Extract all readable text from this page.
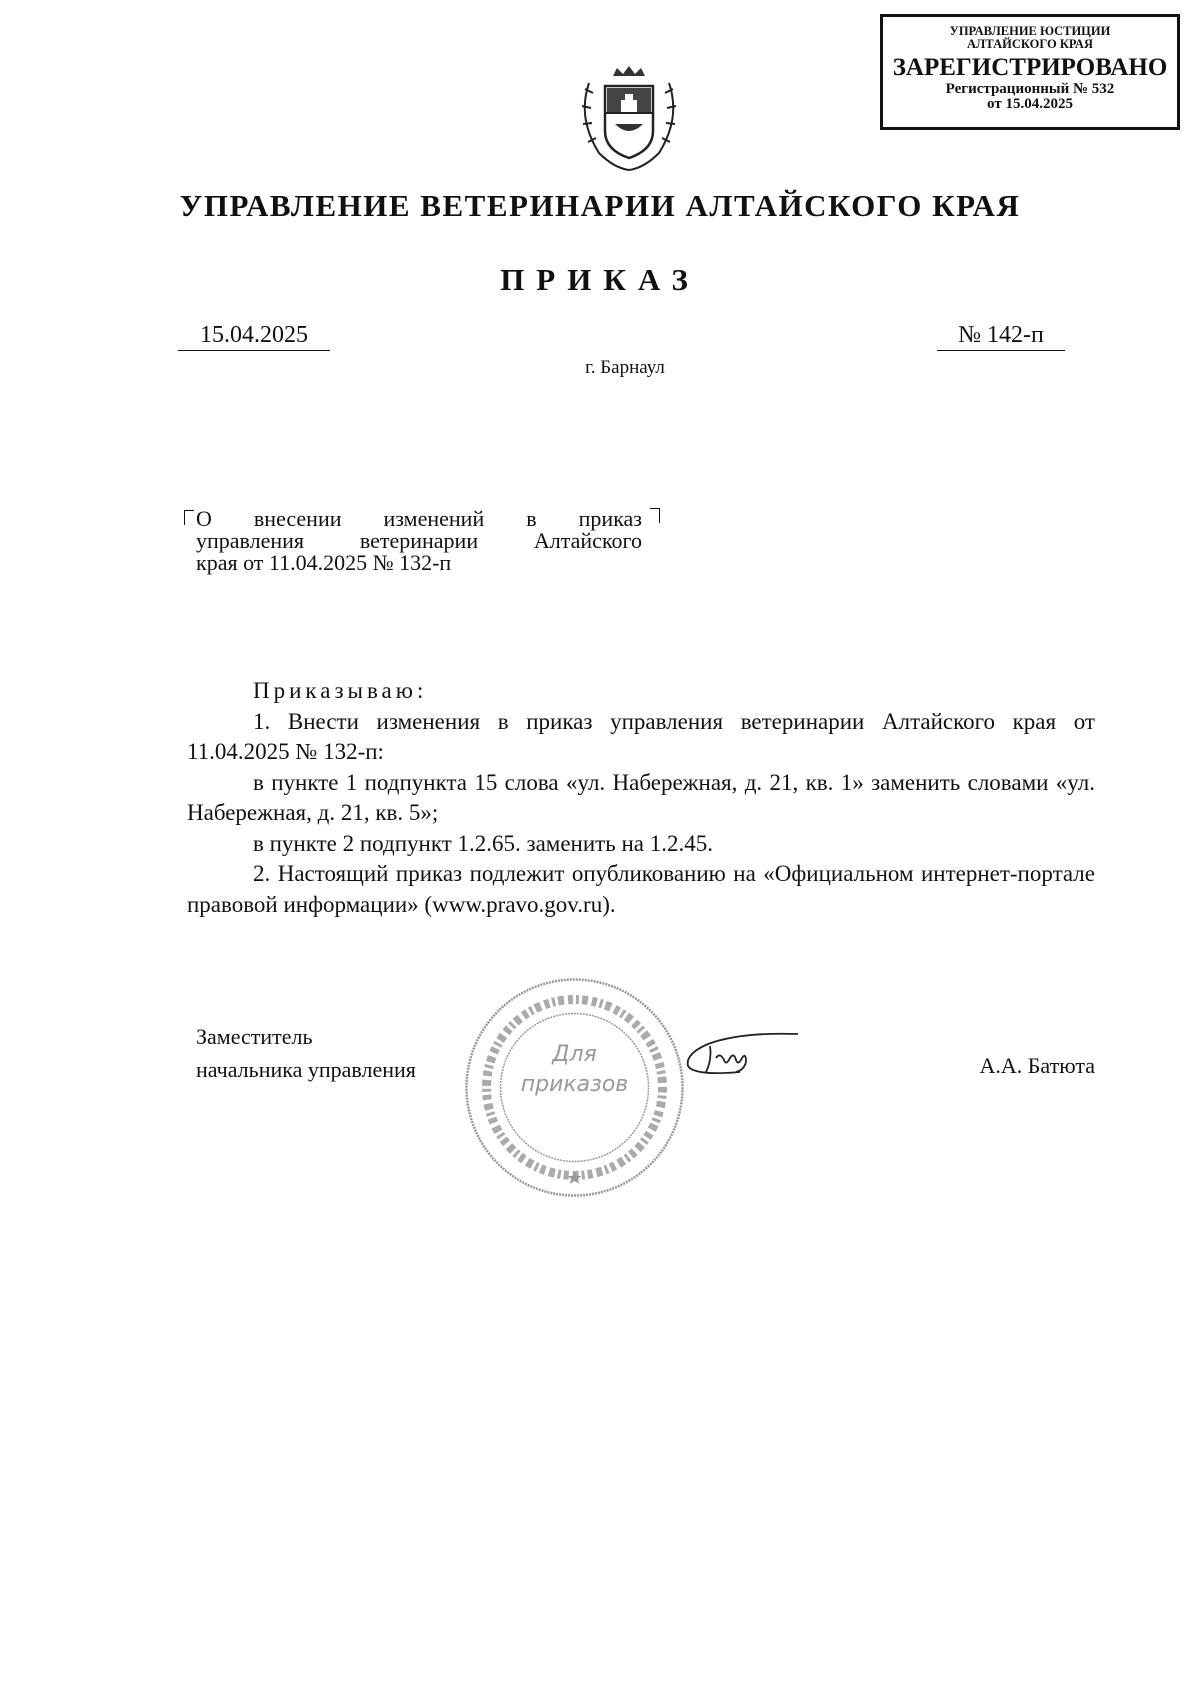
УПРАВЛЕНИЕ ЮСТИЦИИ
АЛТАЙСКОГО КРАЯ
ЗАРЕГИСТРИРОВАНО
Регистрационный № 532
от 15.04.2025
УПРАВЛЕНИЕ ВЕТЕРИНАРИИ АЛТАЙСКОГО КРАЯ
ПРИКАЗ
15.04.2025	№ 142-п
г. Барнаул
О внесении изменений в приказ
управления ветеринарии Алтайского
края от 11.04.2025 № 132-п

Приказываю:

1. Внести изменения в приказ управления ветеринарии Алтайского края от 11.04.2025 № 132-п:

в пункте 1 подпункта 15 слова «ул. Набережная, д. 21, кв. 1» заменить словами «ул. Набережная, д. 21, кв. 5»;

в пункте 2 подпункт 1.2.65. заменить на 1.2.45.

2. Настоящий приказ подлежит опубликованию на «Официальном интернет-портале правовой информации» (www.pravo.gov.ru).

Заместитель
начальника управления
Для приказов
А.А. Батюта
